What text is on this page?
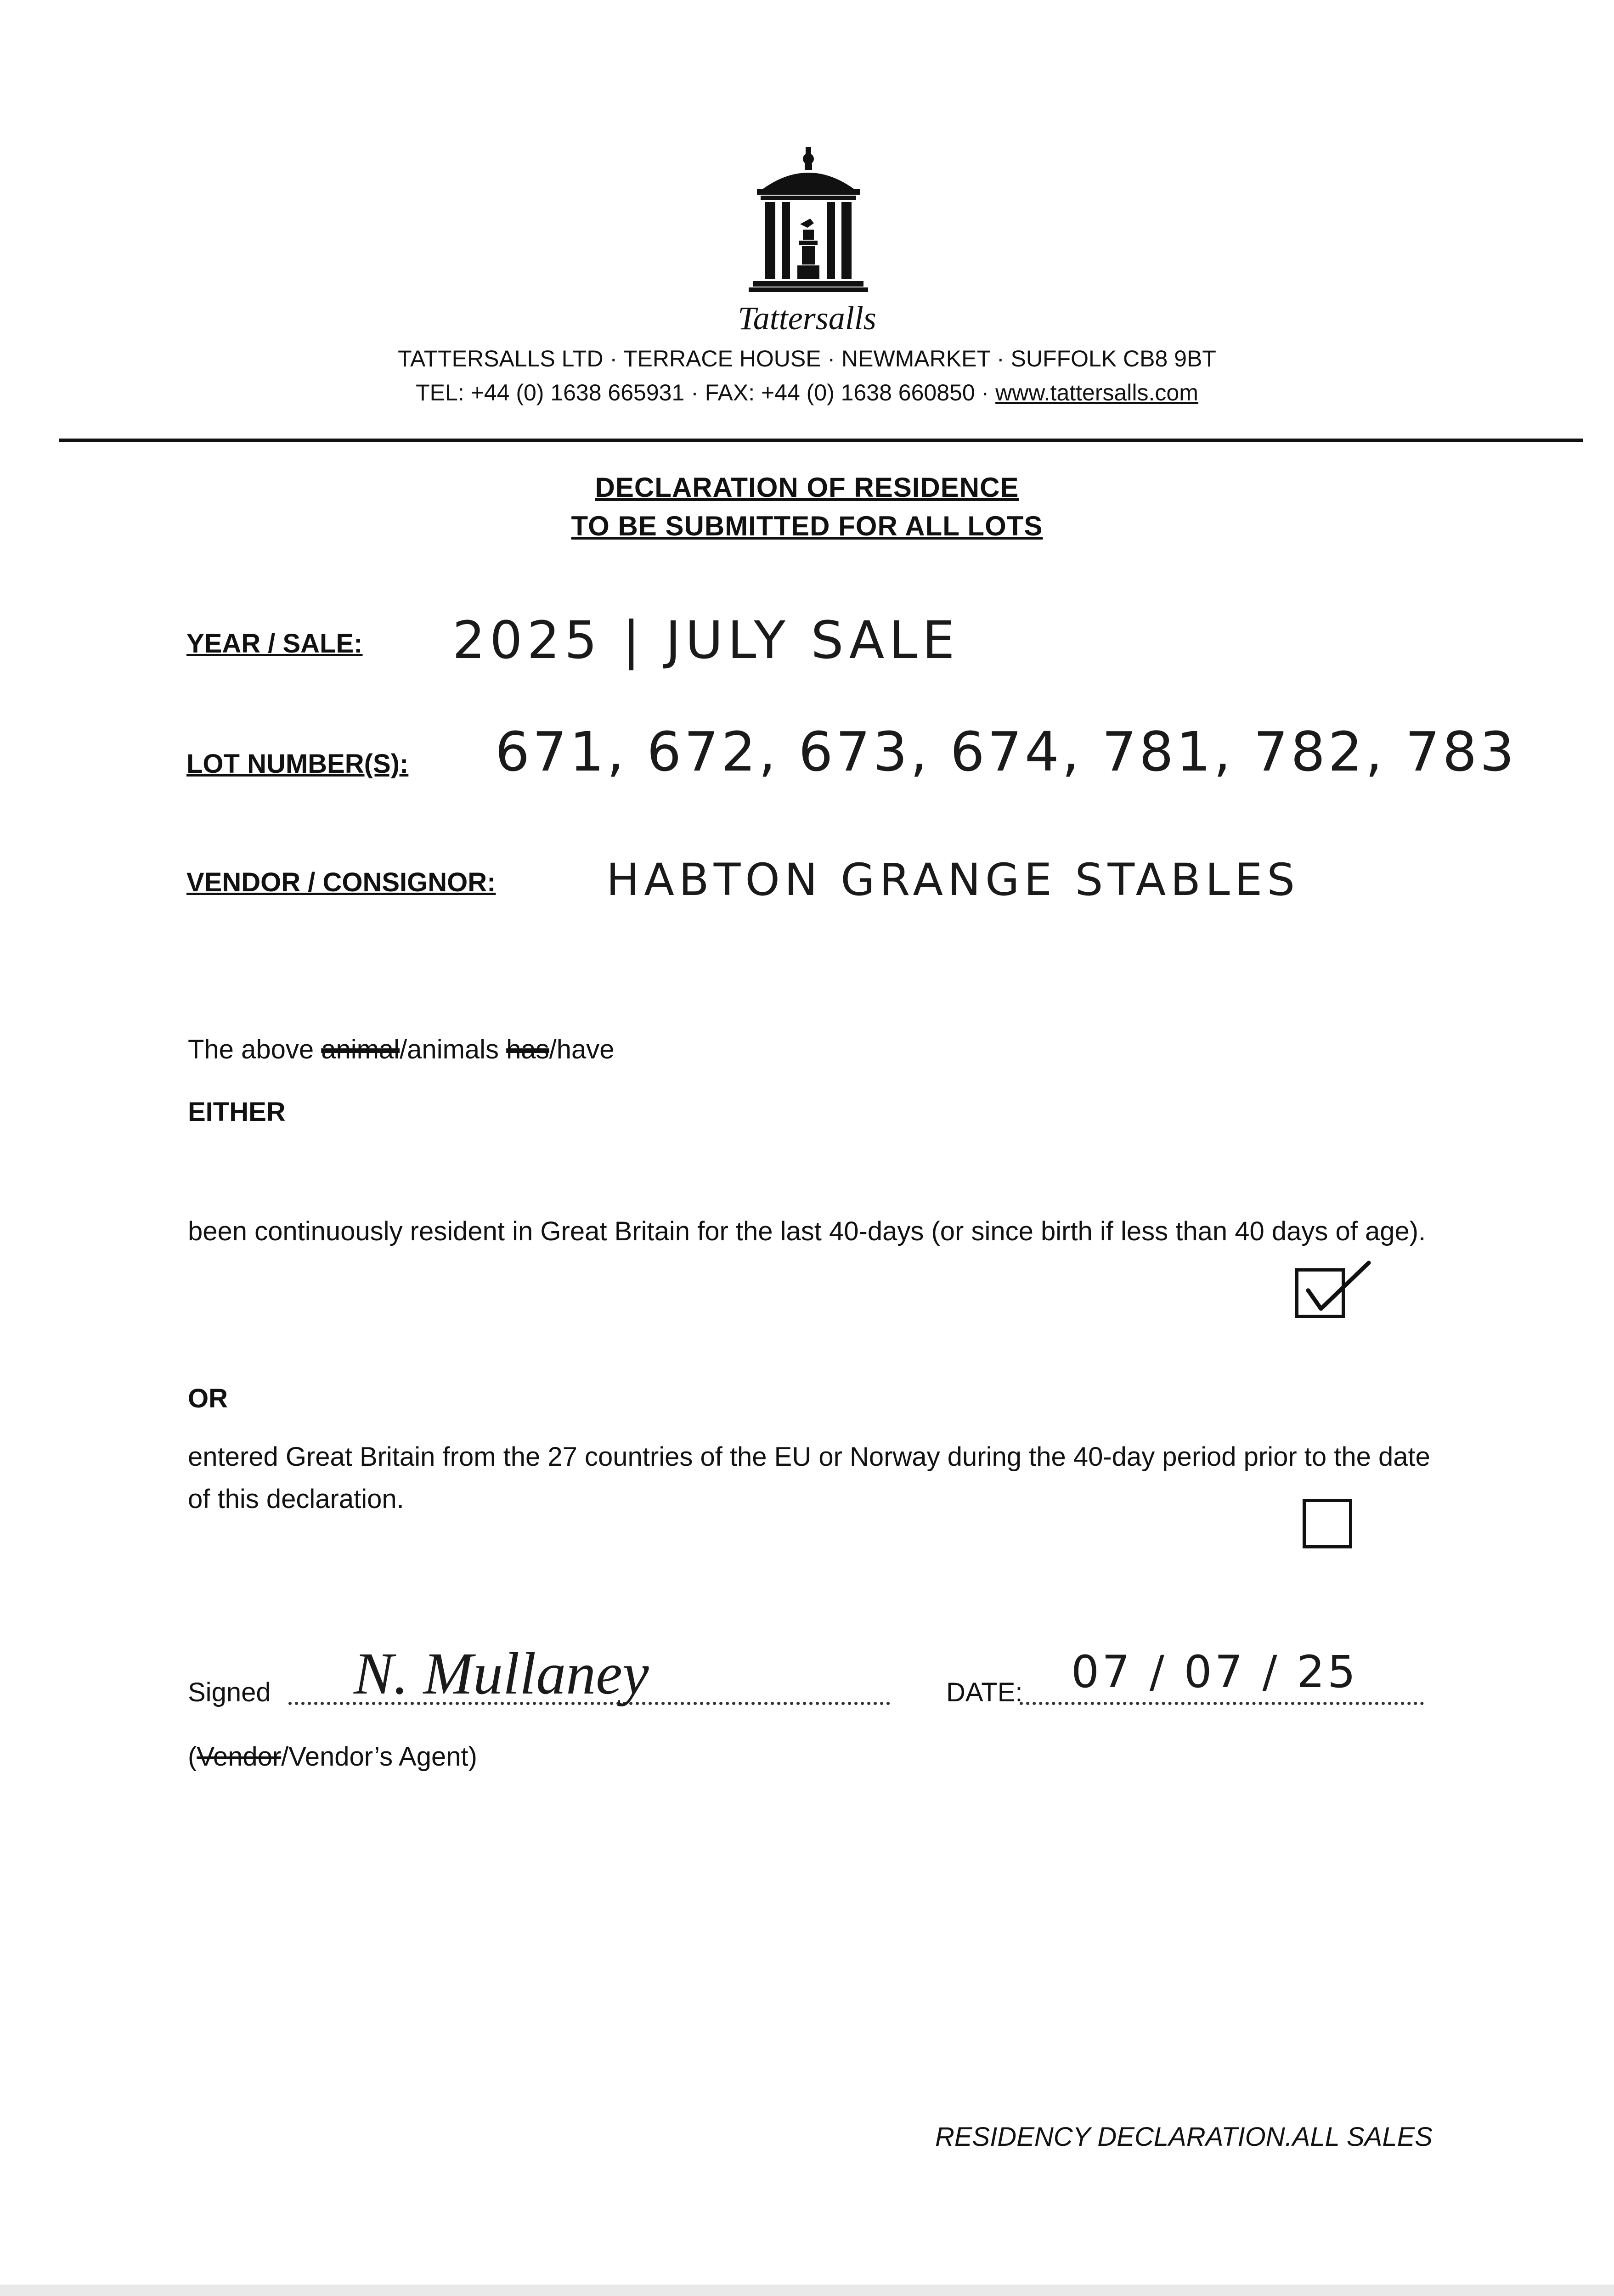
Tattersalls
TATTERSALLS LTD · TERRACE HOUSE · NEWMARKET · SUFFOLK CB8 9BT
TEL: +44 (0) 1638 665931 · FAX: +44 (0) 1638 660850 · www.tattersalls.com
DECLARATION OF RESIDENCE
TO BE SUBMITTED FOR ALL LOTS
YEAR / SALE: 2025 | JULY SALE
LOT NUMBER(S): 671, 672, 673, 674, 781, 782, 783
VENDOR / CONSIGNOR:	HABTON GRANGE STABLES
The above animal/animals has/have
EITHER
been continuously resident in Great Britain for the last 40-days (or since birth if less than 40 days of age).
OR
entered Great Britain from the 27 countries of the EU or Norway during the 40-day period prior to the date of this declaration.
Signed N. Mullaney	DATE: 07 / 07 / 25
(Vendor/Vendor’s Agent)
RESIDENCY DECLARATION.ALL SALES
